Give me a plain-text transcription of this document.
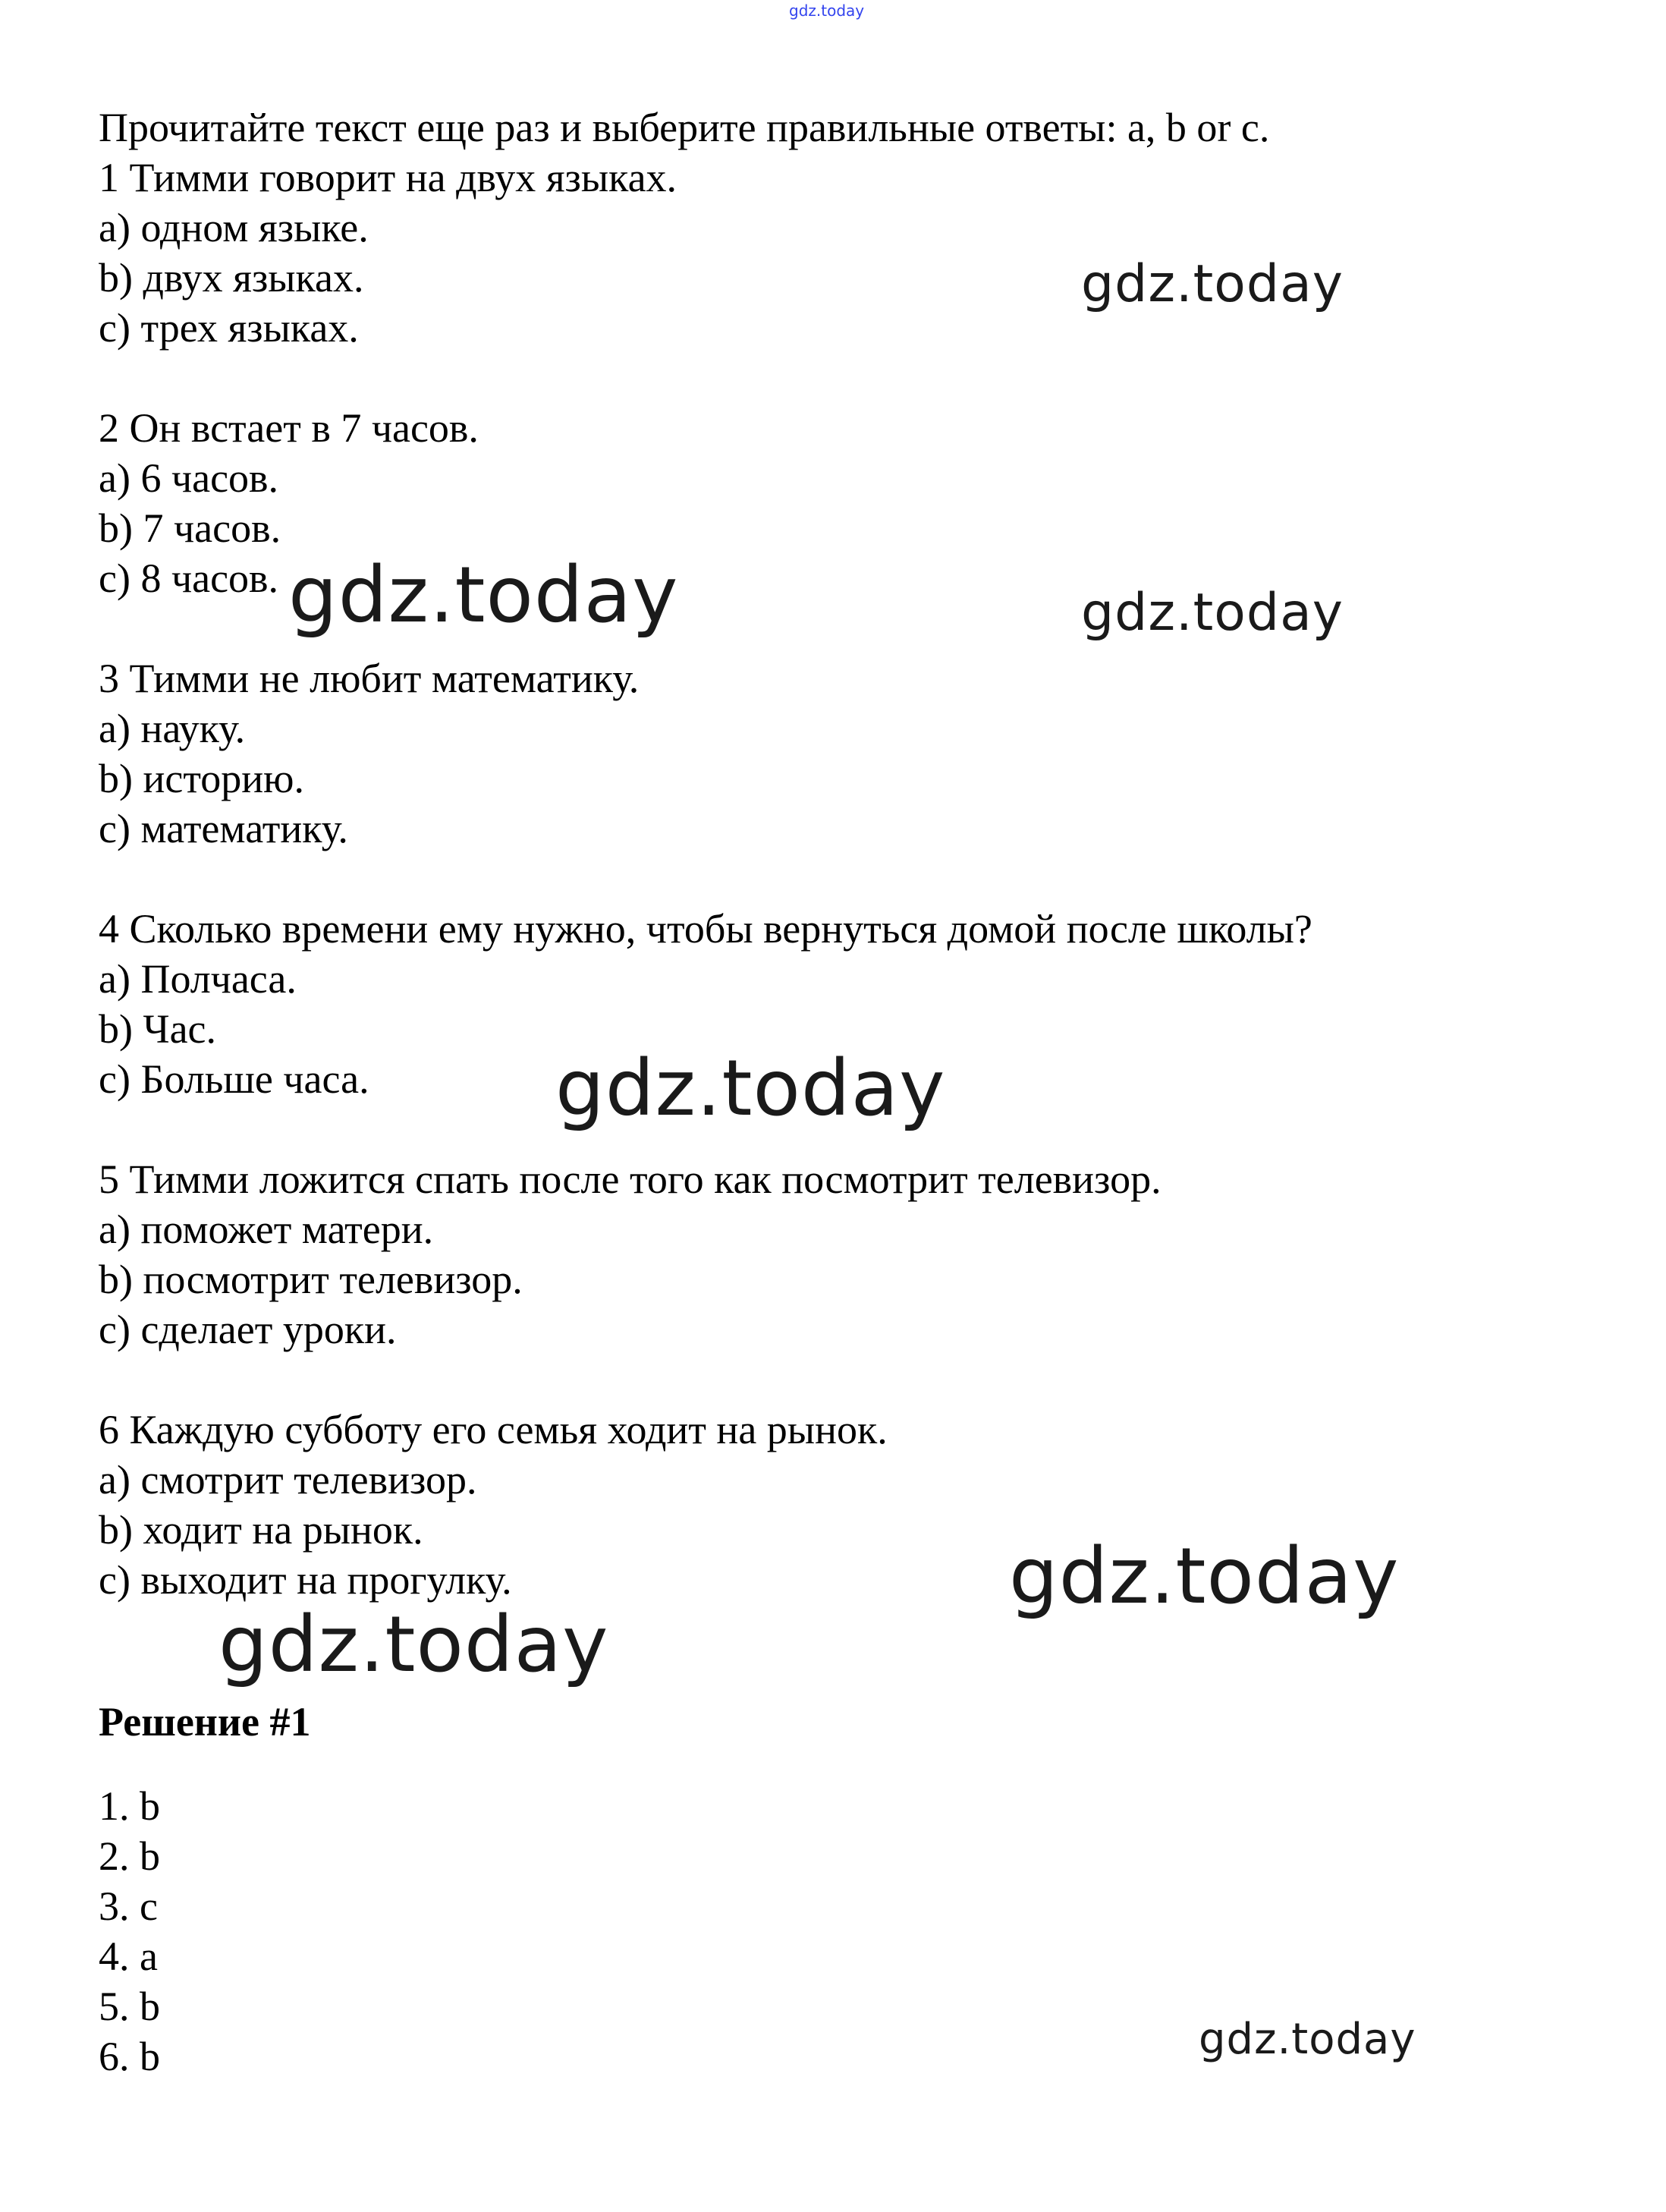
gdz.today
Прочитайте текст еще раз и выберите правильные ответы: a, b or c.
1 Тимми говорит на двух языках.
a) одном языке.
b) двух языках.
c) трех языках.
2 Он встает в 7 часов.
a) 6 часов.
b) 7 часов.
c) 8 часов.
3 Тимми не любит математику.
a) науку.
b) историю.
c) математику.
4 Сколько времени ему нужно, чтобы вернуться домой после школы?
a) Полчаса.
b) Час.
c) Больше часа.
5 Тимми ложится спать после того как посмотрит телевизор.
a) поможет матери.
b) посмотрит телевизор.
c) сделает уроки.
6 Каждую субботу его семья ходит на рынок.
a) смотрит телевизор.
b) ходит на рынок.
c) выходит на прогулку.
Решение #1
1. b
2. b
3. c
4. a
5. b
6. b
gdz.today
gdz.today	gdz.today
gdz.today
gdz.today
gdz.today
gdz.today
